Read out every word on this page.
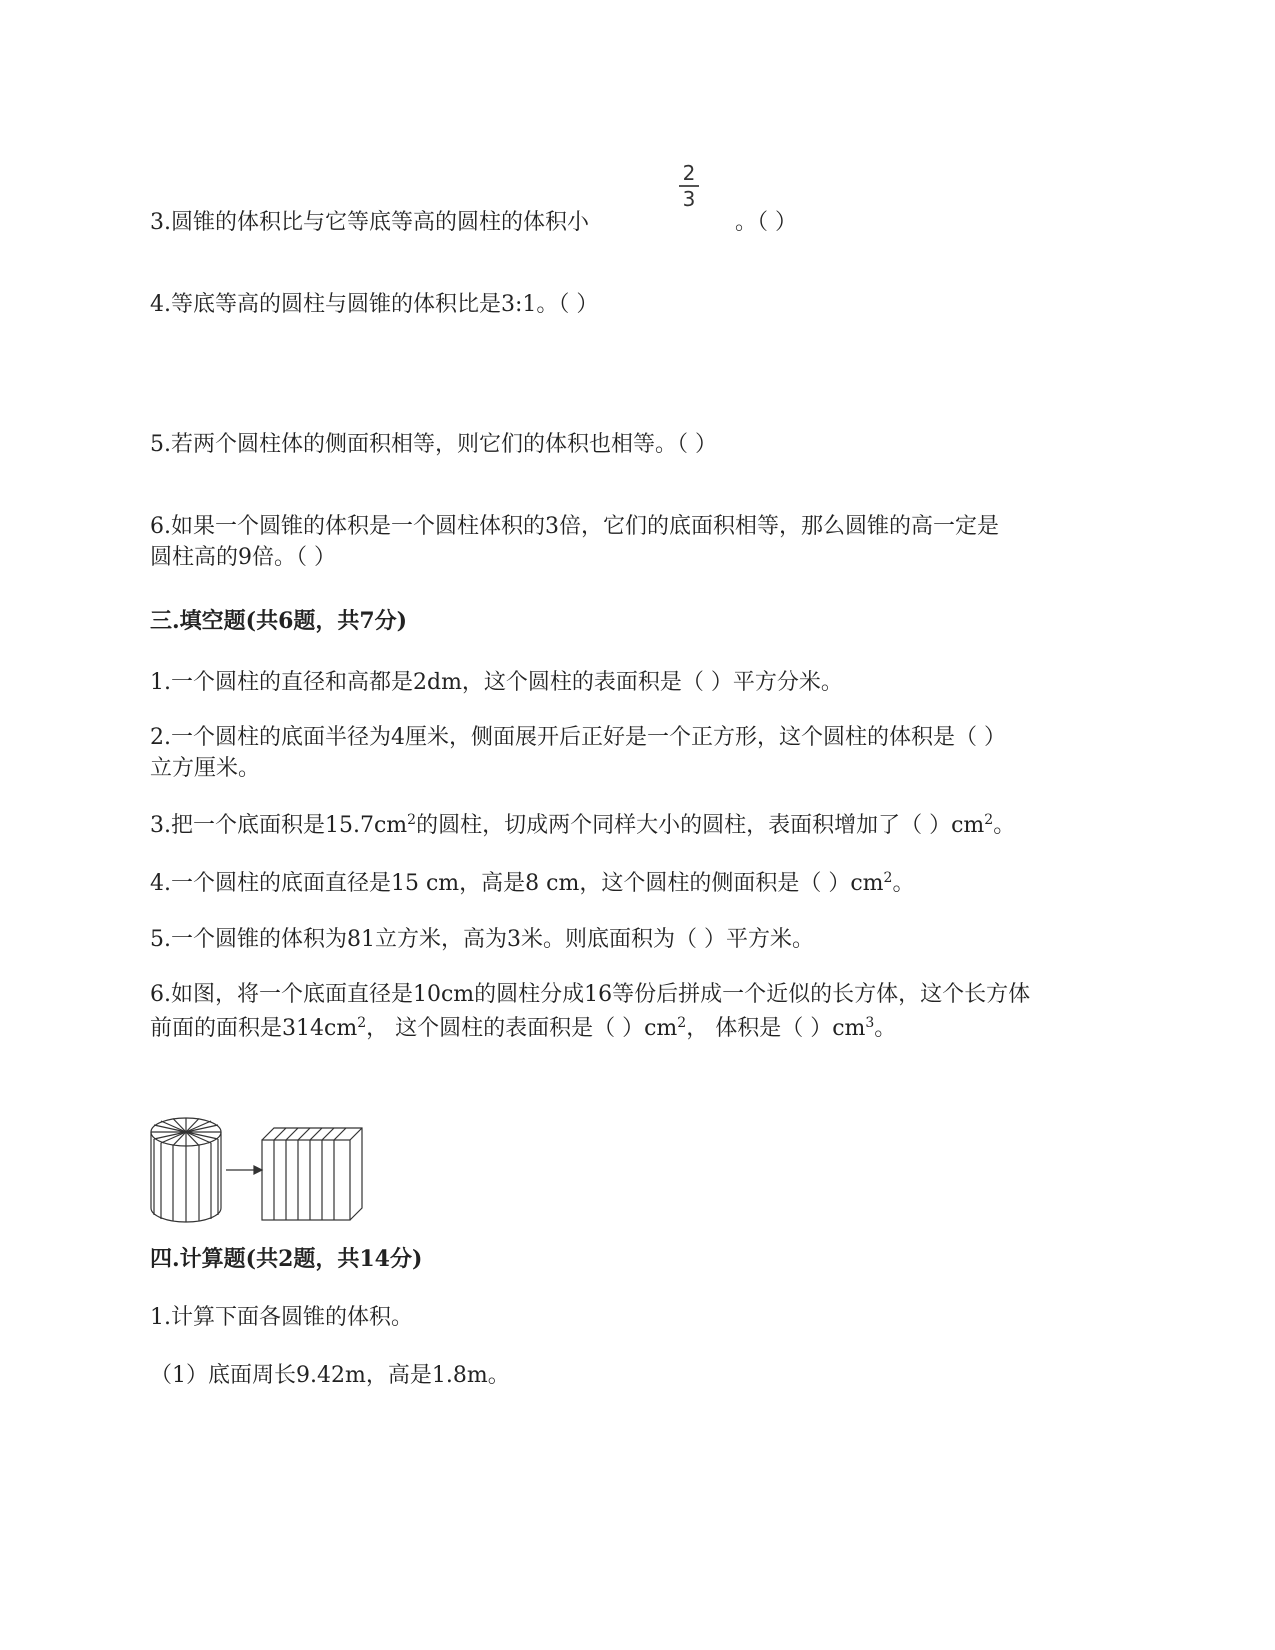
3.圆锥的体积比与它等底等高的圆柱的体积小
2
3
。（ ）
4.等底等高的圆柱与圆锥的体积比是3:1。（ ）
5.若两个圆柱体的侧面积相等，则它们的体积也相等。（ ）
6.如果一个圆锥的体积是一个圆柱体积的3倍，它们的底面积相等，那么圆锥的高一定是
圆柱高的9倍。（ ）
三.填空题(共6题，共7分)
1.一个圆柱的直径和高都是2dm，这个圆柱的表面积是（ ）平方分米。
2.一个圆柱的底面半径为4厘米，侧面展开后正好是一个正方形，这个圆柱的体积是（ ）
立方厘米。
3.把一个底面积是$15.7cm^2$的圆柱，切成两个同样大小的圆柱，表面积增加了（ ）$cm^2$。
4.一个圆柱的底面直径是15 cm，高是8 cm，这个圆柱的侧面积是（ ）$cm^2$。
5.一个圆锥的体积为81立方米，高为3米。则底面积为（ ）平方米。
6.如图，将一个底面直径是10cm的圆柱分成16等份后拼成一个近似的长方体，这个长方体
前面的面积是$314cm^2$， 这个圆柱的表面积是（ ）$cm^2$， 体积是（ ）$cm^3$。
四.计算题(共2题，共14分)
1.计算下面各圆锥的体积。
（1）底面周长9.42m，高是1.8m。
